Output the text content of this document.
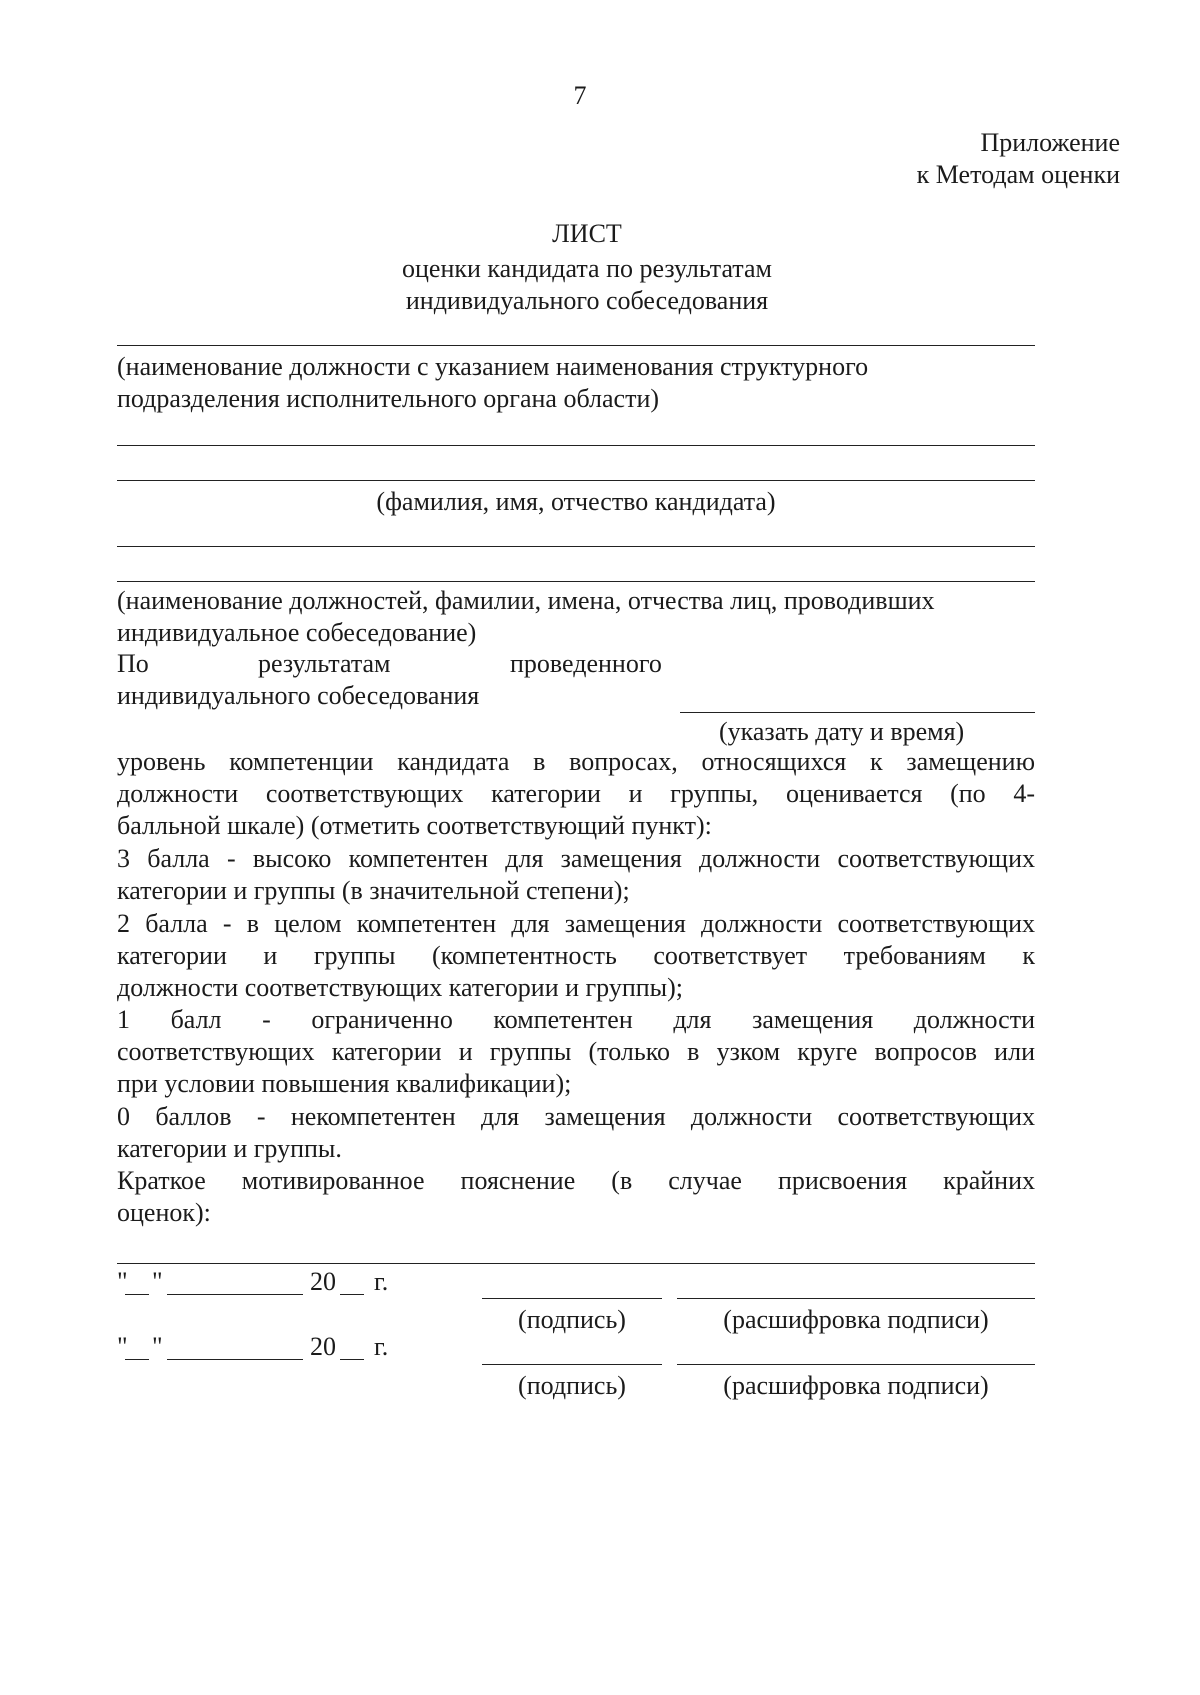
7
Приложение
к Методам оценки
ЛИСТ
оценки кандидата по результатам
индивидуального собеседования
(наименование должности с указанием наименования структурного
подразделения исполнительного органа области)
(фамилия, имя, отчество кандидата)
(наименование должностей, фамилии, имена, отчества лиц, проводивших
индивидуальное собеседование)
По	результатам	проведенного
индивидуального собеседования
(указать дату и время)
уровень компетенции кандидата в вопросах, относящихся к замещению
должности соответствующих категории и группы, оценивается (по 4-
балльной шкале) (отметить соответствующий пункт):
3 балла - высоко компетентен для замещения должности соответствующих
категории и группы (в значительной степени);
2 балла - в целом компетентен для замещения должности соответствующих
категории и группы (компетентность соответствует требованиям к
должности соответствующих категории и группы);
1 балл - ограниченно компетентен для замещения должности
соответствующих категории и группы (только в узком круге вопросов или
при условии повышения квалификации);
0 баллов - некомпетентен для замещения должности соответствующих
категории и группы.
Краткое мотивированное пояснение (в случае присвоения крайних
оценок):
" "	20 г.
(подпись)	(расшифровка подписи)
" "	20 г.
(подпись)	(расшифровка подписи)
